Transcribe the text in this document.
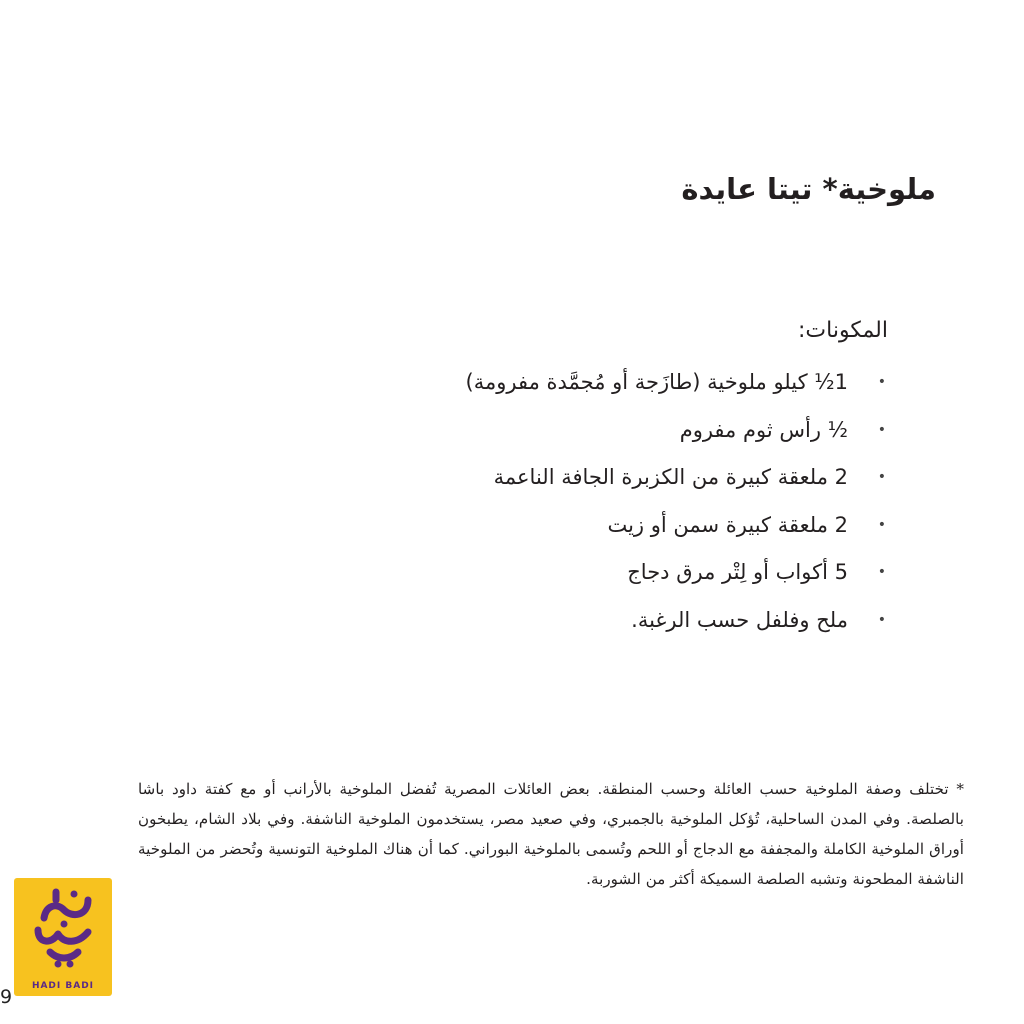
ملوخية* تيتا عايدة
المكونات:
•
1½ كيلو ملوخية (طازَجة أو مُجمَّدة مفرومة)
•
½ رأس ثوم مفروم
•
2 ملعقة كبيرة من الكزبرة الجافة الناعمة
•
2 ملعقة كبيرة سمن أو زيت
•
5 أكواب أو لِتْر مرق دجاج
•
ملح وفلفل حسب الرغبة.

* تختلف وصفة الملوخية حسب العائلة وحسب المنطقة. بعض العائلات المصرية تُفضل الملوخية بالأرانب أو مع كفتة داود باشا بالصلصة. وفي المدن الساحلية، تُؤكل الملوخية بالجمبري، وفي صعيد مصر، يستخدمون الملوخية الناشفة. وفي بلاد الشام، يطبخون أوراق الملوخية الكاملة والمجففة مع الدجاج أو اللحم وتُسمى بالملوخية البوراني. كما أن هناك الملوخية التونسية وتُحضر من الملوخية الناشفة المطحونة وتشبه الصلصة السميكة أكثر من الشوربة.

HADI BADI
9
